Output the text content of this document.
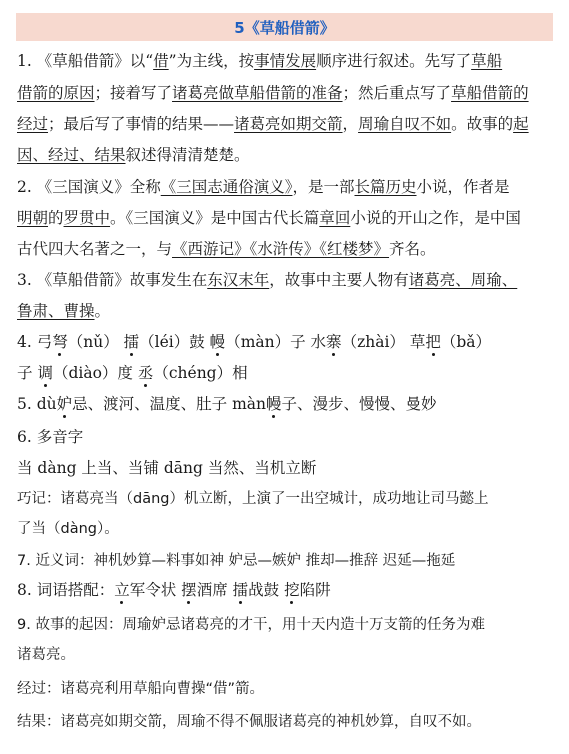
5《草船借箭》
1. 《草船借箭》以“借”为主线，按事情发展顺序进行叙述。先写了草船
借箭的原因；接着写了诸葛亮做草船借箭的准备；然后重点写了草船借箭的
经过；最后写了事情的结果——诸葛亮如期交箭，周瑜自叹不如。故事的起
因、经过、结果叙述得清清楚楚。
2. 《三国演义》全称《三国志通俗演义》，是一部长篇历史小说，作者是
明朝的罗贯中。《三国演义》是中国古代长篇章回小说的开山之作，是中国
古代四大名著之一，与《西游记》《水浒传》《红楼梦》齐名。
3. 《草船借箭》故事发生在东汉末年，故事中主要人物有诸葛亮、周瑜、
鲁肃、曹操。
4. 弓弩（nǔ） 擂（léi）鼓 幔（màn）子 水寨（zhài） 草把（bǎ）
子 调（diào）度 丞（chéng）相
5. dù妒忌、渡河、温度、肚子 màn幔子、漫步、慢慢、曼妙
6. 多音字
当 dàng 上当、当铺 dāng 当然、当机立断
巧记：诸葛亮当（dāng）机立断，上演了一出空城计，成功地让司马懿上
了当（dàng）。
7. 近义词：神机妙算—料事如神 妒忌—嫉妒 推却—推辞 迟延—拖延
8. 词语搭配：立军令状 摆酒席 擂战鼓 挖陷阱
9. 故事的起因：周瑜妒忌诸葛亮的才干，用十天内造十万支箭的任务为难
诸葛亮。
经过：诸葛亮利用草船向曹操“借”箭。
结果：诸葛亮如期交箭，周瑜不得不佩服诸葛亮的神机妙算，自叹不如。
